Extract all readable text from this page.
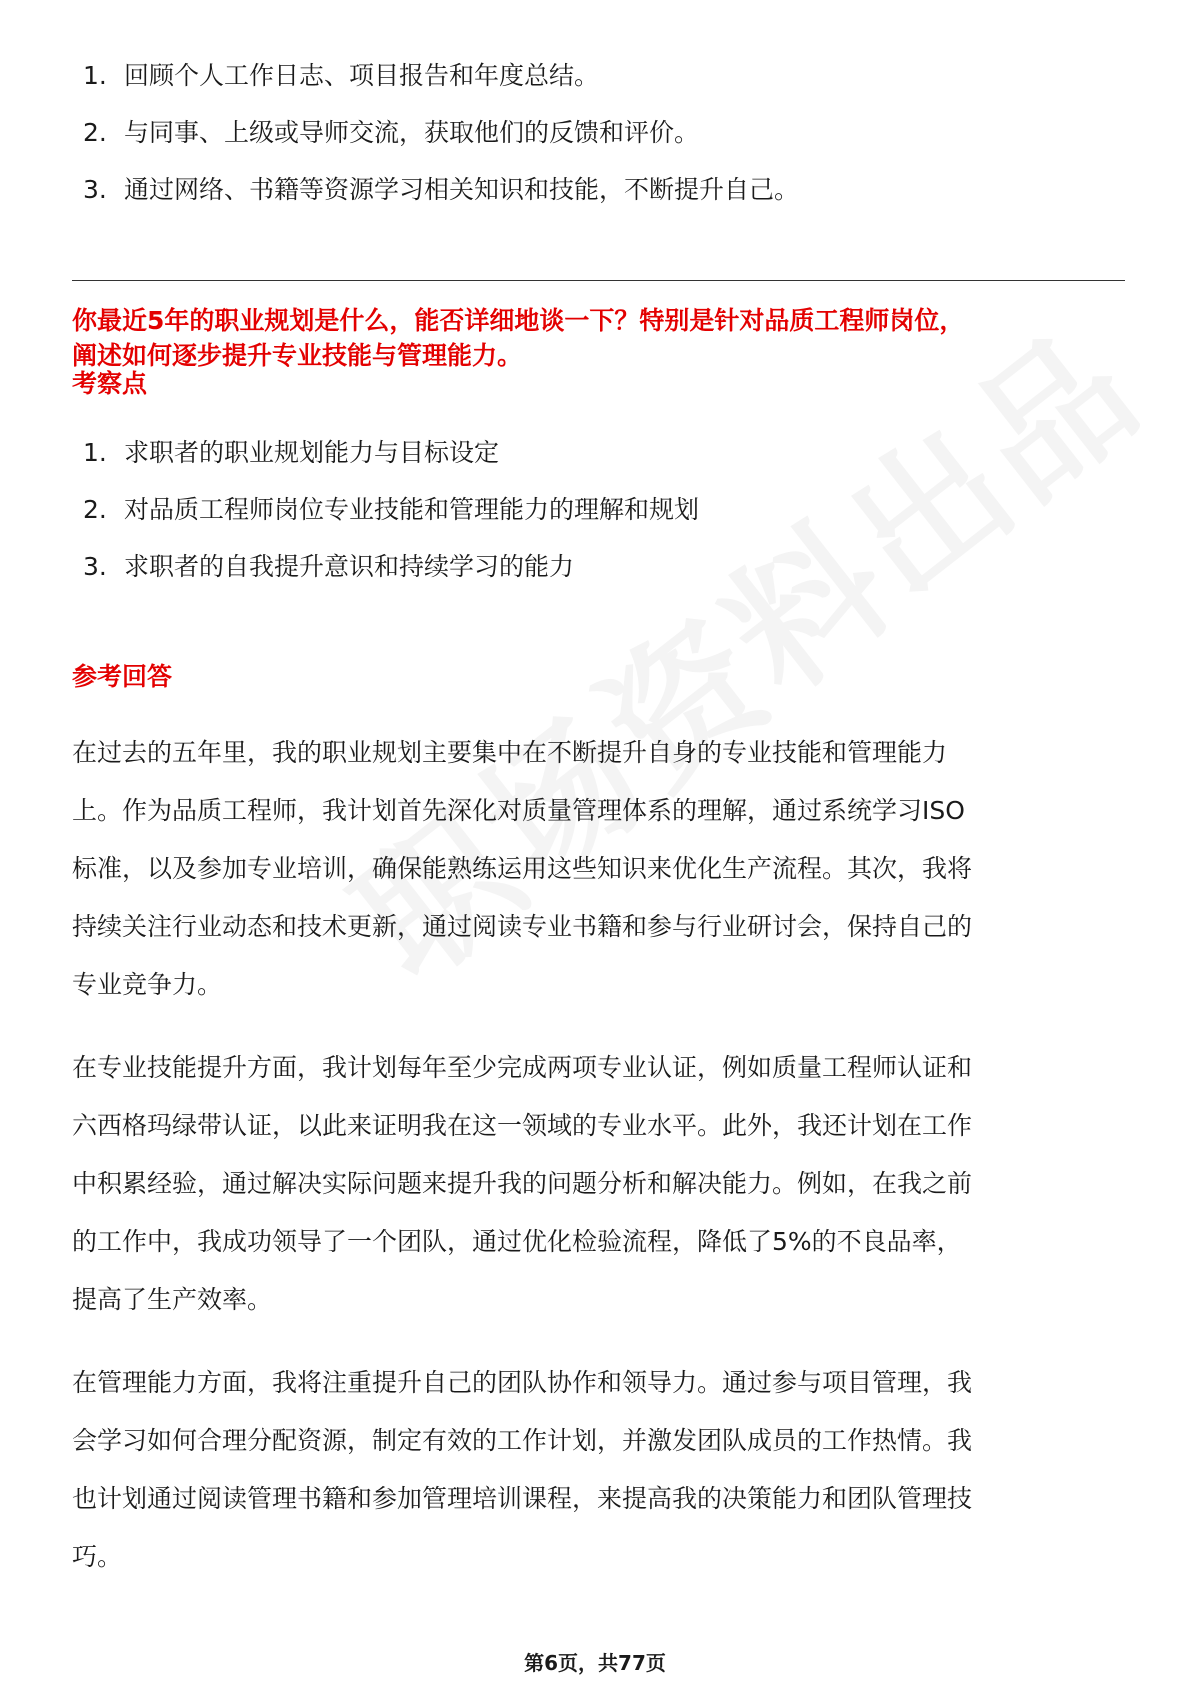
1. 回顾个人工作日志、项目报告和年度总结。
2. 与同事、上级或导师交流，获取他们的反馈和评价。
3. 通过网络、书籍等资源学习相关知识和技能，不断提升自己。
你最近5年的职业规划是什么，能否详细地谈一下？特别是针对品质工程师岗位，
阐述如何逐步提升专业技能与管理能力。
考察点
1. 求职者的职业规划能力与目标设定
2. 对品质工程师岗位专业技能和管理能力的理解和规划
3. 求职者的自我提升意识和持续学习的能力
参考回答
在过去的五年里，我的职业规划主要集中在不断提升自身的专业技能和管理能力
上。作为品质工程师，我计划首先深化对质量管理体系的理解，通过系统学习ISO
标准，以及参加专业培训，确保能熟练运用这些知识来优化生产流程。其次，我将
持续关注行业动态和技术更新，通过阅读专业书籍和参与行业研讨会，保持自己的
专业竞争力。
在专业技能提升方面，我计划每年至少完成两项专业认证，例如质量工程师认证和
六西格玛绿带认证，以此来证明我在这一领域的专业水平。此外，我还计划在工作
中积累经验，通过解决实际问题来提升我的问题分析和解决能力。例如，在我之前
的工作中，我成功领导了一个团队，通过优化检验流程，降低了5%的不良品率，
提高了生产效率。
在管理能力方面，我将注重提升自己的团队协作和领导力。通过参与项目管理，我
会学习如何合理分配资源，制定有效的工作计划，并激发团队成员的工作热情。我
也计划通过阅读管理书籍和参加管理培训课程，来提高我的决策能力和团队管理技
巧。
第6页，共77页
